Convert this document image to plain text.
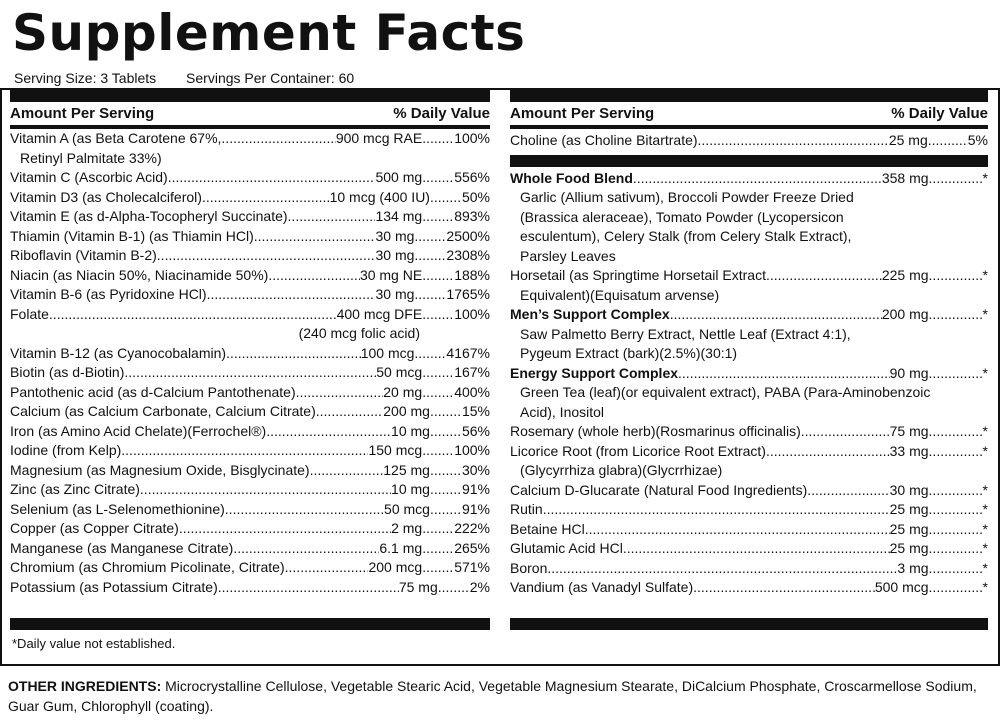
Supplement Facts
Serving Size: 3 Tablets Servings Per Container: 60
Amount Per Serving	% Daily Value
Vitamin A (as Beta Carotene 67%, .....	900 mcg RAE ..... 100%
Retinyl Palmitate 33%)
Vitamin C (Ascorbic Acid) .....	500 mg ..... 556%
Vitamin D3 (as Cholecalciferol) .....	10 mcg (400 IU) ..... 50%
Vitamin E (as d-Alpha-Tocopheryl Succinate) .....	134 mg ..... 893%
Thiamin (Vitamin B-1) (as Thiamin HCl) .....	30 mg ..... 2500%
Riboflavin (Vitamin B-2) .....	30 mg ..... 2308%
Niacin (as Niacin 50%, Niacinamide 50%) .....	30 mg NE ..... 188%
Vitamin B-6 (as Pyridoxine HCl) .....	30 mg ..... 1765%
Folate .....	400 mcg DFE ..... 100%
(240 mcg folic acid)
Vitamin B-12 (as Cyanocobalamin) .....	100 mcg ..... 4167%
Biotin (as d-Biotin) .....	50 mcg ..... 167%
Pantothenic acid (as d-Calcium Pantothenate) .....	20 mg ..... 400%
Calcium (as Calcium Carbonate, Calcium Citrate) .....	200 mg ..... 15%
Iron (as Amino Acid Chelate)(Ferrochel®) .....	10 mg ..... 56%
Iodine (from Kelp) .....	150 mcg ..... 100%
Magnesium (as Magnesium Oxide, Bisglycinate) .....	125 mg ..... 30%
Zinc (as Zinc Citrate) .....	10 mg ..... 91%
Selenium (as L-Selenomethionine) .....	50 mcg ..... 91%
Copper (as Copper Citrate) .....	2 mg ..... 222%
Manganese (as Manganese Citrate) .....	6.1 mg ..... 265%
Chromium (as Chromium Picolinate, Citrate) .....	200 mcg ..... 571%
Potassium (as Potassium Citrate) .....	75 mg ..... 2%
Amount Per Serving	% Daily Value
Choline (as Choline Bitartrate) .....	25 mg .....	5%
Whole Food Blend .....	358 mg .....	*
Garlic (Allium sativum), Broccoli Powder Freeze Dried
(Brassica aleraceae), Tomato Powder (Lycopersicon
esculentum), Celery Stalk (from Celery Stalk Extract),
Parsley Leaves
Horsetail (as Springtime Horsetail Extract .....	225 mg .....	*
Equivalent)(Equisatum arvense)
Men’s Support Complex .....	200 mg .....	*
Saw Palmetto Berry Extract, Nettle Leaf (Extract 4:1),
Pygeum Extract (bark)(2.5%)(30:1)
Energy Support Complex .....	90 mg .....	*
Green Tea (leaf)(or equivalent extract), PABA (Para-Aminobenzoic
Acid), Inositol
Rosemary (whole herb)(Rosmarinus officinalis) .....	75 mg .....	*
Licorice Root (from Licorice Root Extract) .....	33 mg .....	*
(Glycyrrhiza glabra)(Glycrrhizae)
Calcium D-Glucarate (Natural Food Ingredients) .....	30 mg .....	*
Rutin .....	25 mg .....	*
Betaine HCl .....	25 mg .....	*
Glutamic Acid HCl .....	25 mg .....	*
Boron .....	3 mg .....	*
Vandium (as Vanadyl Sulfate) .....	500 mcg .....	*
*Daily value not established.
OTHER INGREDIENTS: Microcrystalline Cellulose, Vegetable Stearic Acid, Vegetable Magnesium Stearate, DiCalcium Phosphate, Croscarmellose Sodium, Guar Gum, Chlorophyll (coating).
